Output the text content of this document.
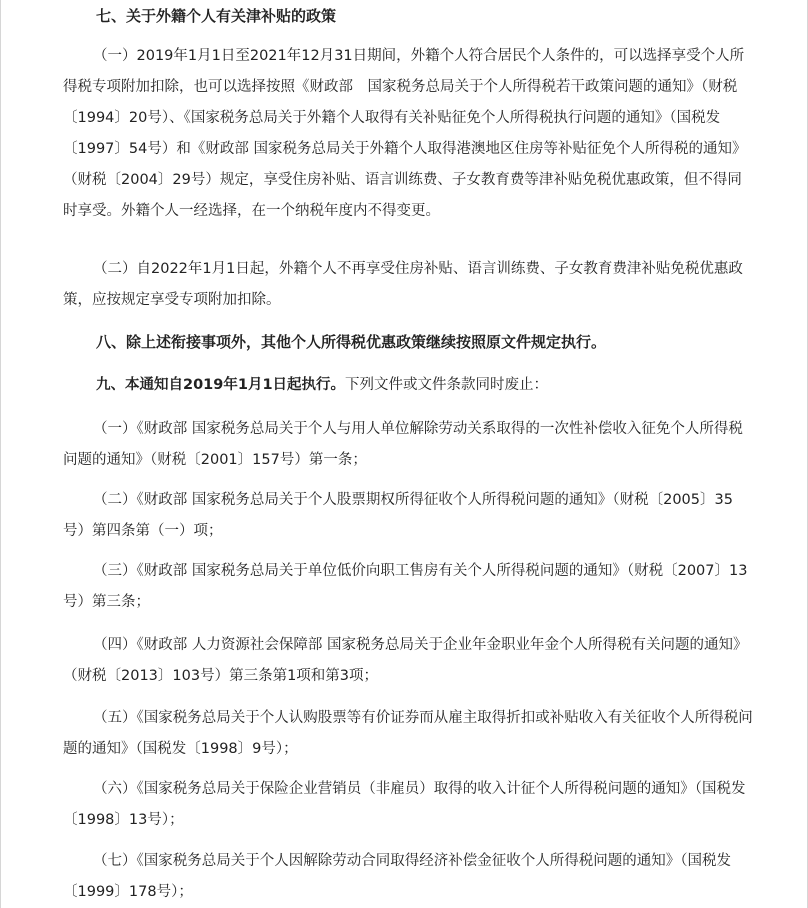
七、关于外籍个人有关津补贴的政策

（一）2019年1月1日至2021年12月31日期间，外籍个人符合居民个人条件的，可以选择享受个人所得税专项附加扣除，也可以选择按照《财政部　国家税务总局关于个人所得税若干政策问题的通知》（财税〔1994〕20号）、《国家税务总局关于外籍个人取得有关补贴征免个人所得税执行问题的通知》（国税发〔1997〕54号）和《财政部 国家税务总局关于外籍个人取得港澳地区住房等补贴征免个人所得税的通知》（财税〔2004〕29号）规定，享受住房补贴、语言训练费、子女教育费等津补贴免税优惠政策，但不得同时享受。外籍个人一经选择，在一个纳税年度内不得变更。

（二）自2022年1月1日起，外籍个人不再享受住房补贴、语言训练费、子女教育费津补贴免税优惠政策，应按规定享受专项附加扣除。

八、除上述衔接事项外，其他个人所得税优惠政策继续按照原文件规定执行。

九、本通知自2019年1月1日起执行。下列文件或文件条款同时废止：

（一）《财政部 国家税务总局关于个人与用人单位解除劳动关系取得的一次性补偿收入征免个人所得税问题的通知》（财税〔2001〕157号）第一条；

（二）《财政部 国家税务总局关于个人股票期权所得征收个人所得税问题的通知》（财税〔2005〕35号）第四条第（一）项；

（三）《财政部 国家税务总局关于单位低价向职工售房有关个人所得税问题的通知》（财税〔2007〕13号）第三条；

（四）《财政部 人力资源社会保障部 国家税务总局关于企业年金职业年金个人所得税有关问题的通知》（财税〔2013〕103号）第三条第1项和第3项；

（五）《国家税务总局关于个人认购股票等有价证券而从雇主取得折扣或补贴收入有关征收个人所得税问题的通知》（国税发〔1998〕9号）；

（六）《国家税务总局关于保险企业营销员（非雇员）取得的收入计征个人所得税问题的通知》（国税发〔1998〕13号）；

（七）《国家税务总局关于个人因解除劳动合同取得经济补偿金征收个人所得税问题的通知》（国税发〔1999〕178号）；
